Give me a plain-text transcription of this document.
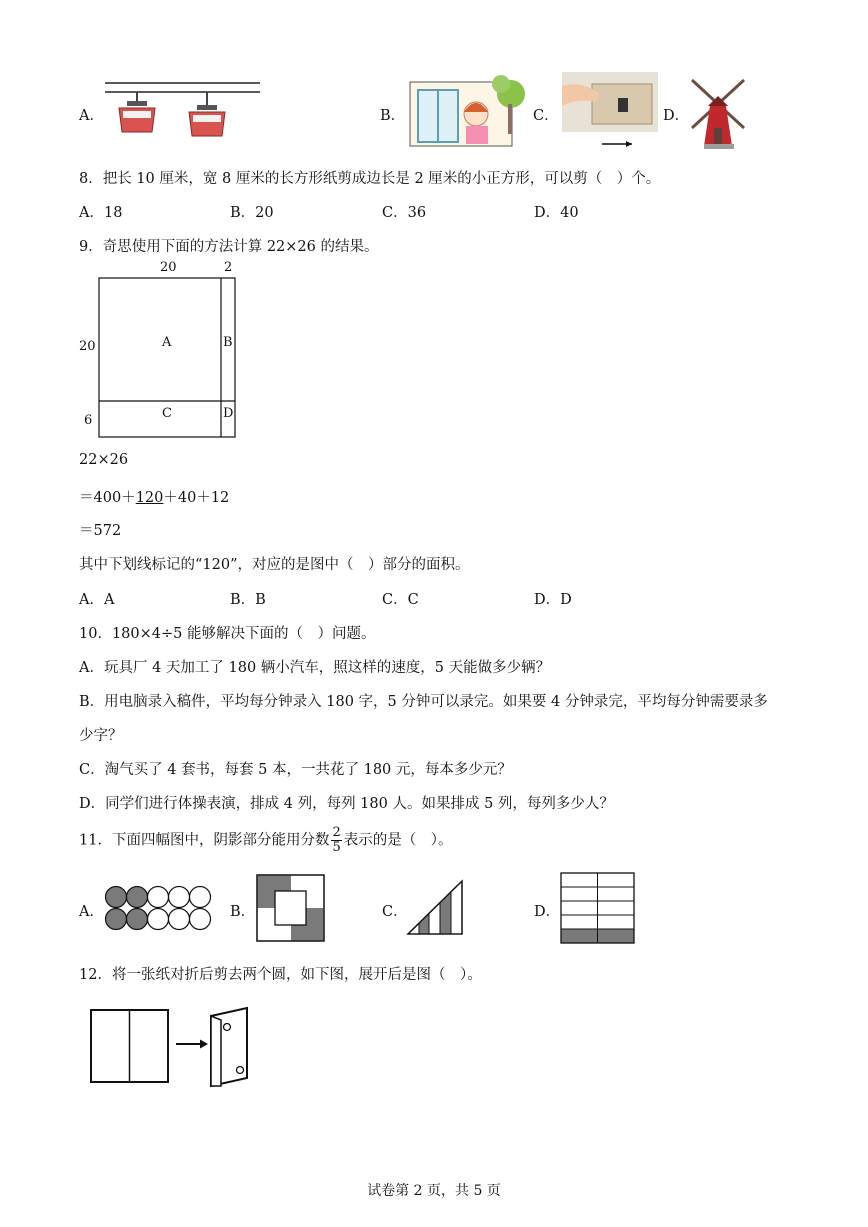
A．	B．	C．	D．
8．把长 10 厘米，宽 8 厘米的长方形纸剪成边长是 2 厘米的小正方形，可以剪（　）个。
A．18	B．20	C．36	D．40
9．奇思使用下面的方法计算 22×26 的结果。
20	2
20
6
A	B
C	D
22×26
＝400＋120＋40＋12
＝572
其中下划线标记的“120”，对应的是图中（　）部分的面积。
A．A	B．B	C．C	D．D
10．180×4÷5 能够解决下面的（　）问题。
A．玩具厂 4 天加工了 180 辆小汽车，照这样的速度，5 天能做多少辆？
B．用电脑录入稿件，平均每分钟录入 180 字，5 分钟可以录完。如果要 4 分钟录完，平均每分钟需要录多
少字？
C．淘气买了 4 套书，每套 5 本，一共花了 180 元，每本多少元？
D．同学们进行体操表演，排成 4 列，每列 180 人。如果排成 5 列，每列多少人？
11．下面四幅图中，阴影部分能用分数 $\frac{2}{5}$ 表示的是（　）。
A．	B．	C．	D．
12．将一张纸对折后剪去两个圆，如下图，展开后是图（　）。
试卷第 2 页，共 5 页
